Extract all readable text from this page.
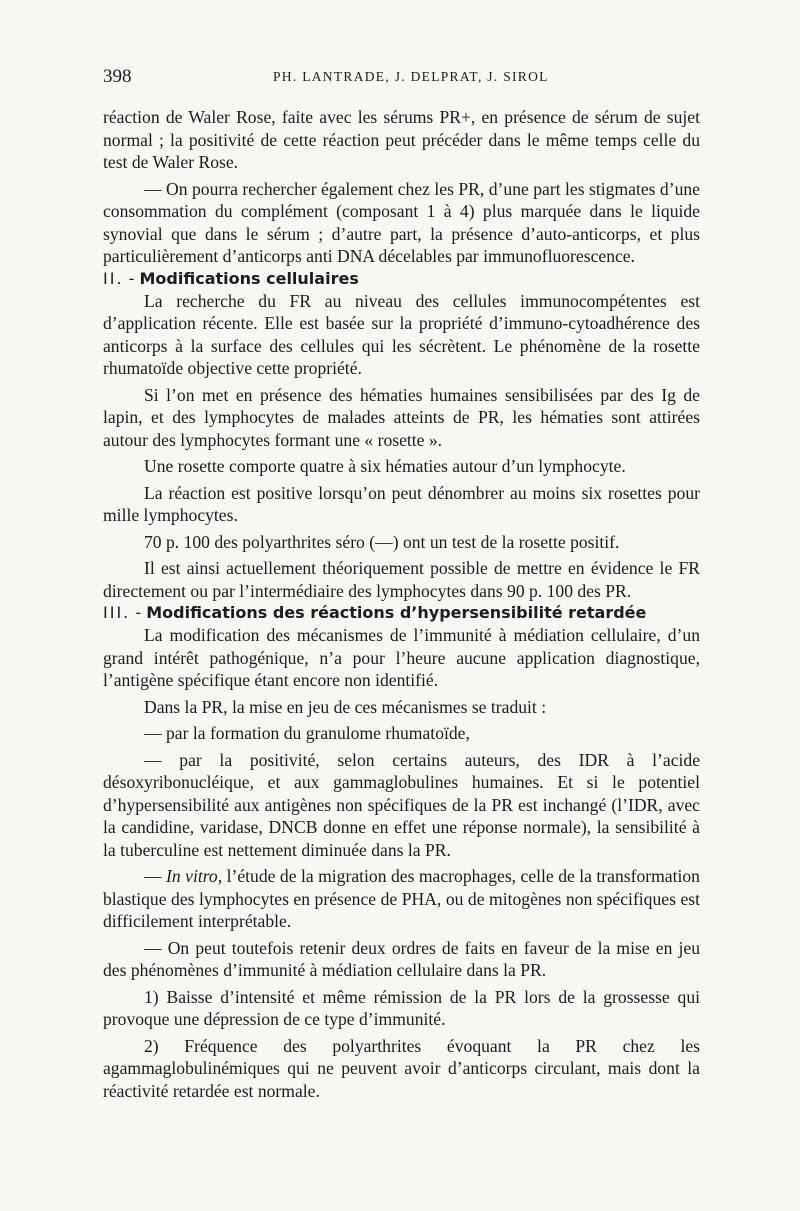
398	PH. LANTRADE, J. DELPRAT, J. SIROL

réaction de Waler Rose, faite avec les sérums PR+, en présence de sérum de sujet normal ; la positivité de cette réaction peut précéder dans le même temps celle du test de Waler Rose.

— On pourra rechercher également chez les PR, d’une part les stigmates d’une consommation du complément (composant 1 à 4) plus marquée dans le liquide synovial que dans le sérum ; d’autre part, la présence d’auto-anticorps, et plus particulièrement d’anticorps anti DNA décelables par immunofluorescence.

II. - Modifications cellulaires

La recherche du FR au niveau des cellules immunocompétentes est d’application récente. Elle est basée sur la propriété d’immuno-cytoadhérence des anticorps à la surface des cellules qui les sécrètent. Le phénomène de la rosette rhumatoïde objective cette propriété.

Si l’on met en présence des hématies humaines sensibilisées par des Ig de lapin, et des lymphocytes de malades atteints de PR, les hématies sont attirées autour des lymphocytes formant une « rosette ».

Une rosette comporte quatre à six hématies autour d’un lymphocyte.

La réaction est positive lorsqu’on peut dénombrer au moins six rosettes pour mille lymphocytes.

70 p. 100 des polyarthrites séro (—) ont un test de la rosette positif.

Il est ainsi actuellement théoriquement possible de mettre en évidence le FR directement ou par l’intermédiaire des lymphocytes dans 90 p. 100 des PR.

III. - Modifications des réactions d’hypersensibilité retardée

La modification des mécanismes de l’immunité à médiation cellulaire, d’un grand intérêt pathogénique, n’a pour l’heure aucune application diagnostique, l’antigène spécifique étant encore non identifié.

Dans la PR, la mise en jeu de ces mécanismes se traduit :

— par la formation du granulome rhumatoïde,

— par la positivité, selon certains auteurs, des IDR à l’acide désoxyribonucléique, et aux gammaglobulines humaines. Et si le potentiel d’hypersensibilité aux antigènes non spécifiques de la PR est inchangé (l’IDR, avec la candidine, varidase, DNCB donne en effet une réponse normale), la sensibilité à la tuberculine est nettement diminuée dans la PR.

— In vitro, l’étude de la migration des macrophages, celle de la transformation blastique des lymphocytes en présence de PHA, ou de mitogènes non spécifiques est difficilement interprétable.

— On peut toutefois retenir deux ordres de faits en faveur de la mise en jeu des phénomènes d’immunité à médiation cellulaire dans la PR.

1) Baisse d’intensité et même rémission de la PR lors de la grossesse qui provoque une dépression de ce type d’immunité.

2) Fréquence des polyarthrites évoquant la PR chez les agammaglobulinémiques qui ne peuvent avoir d’anticorps circulant, mais dont la réactivité retardée est normale.
